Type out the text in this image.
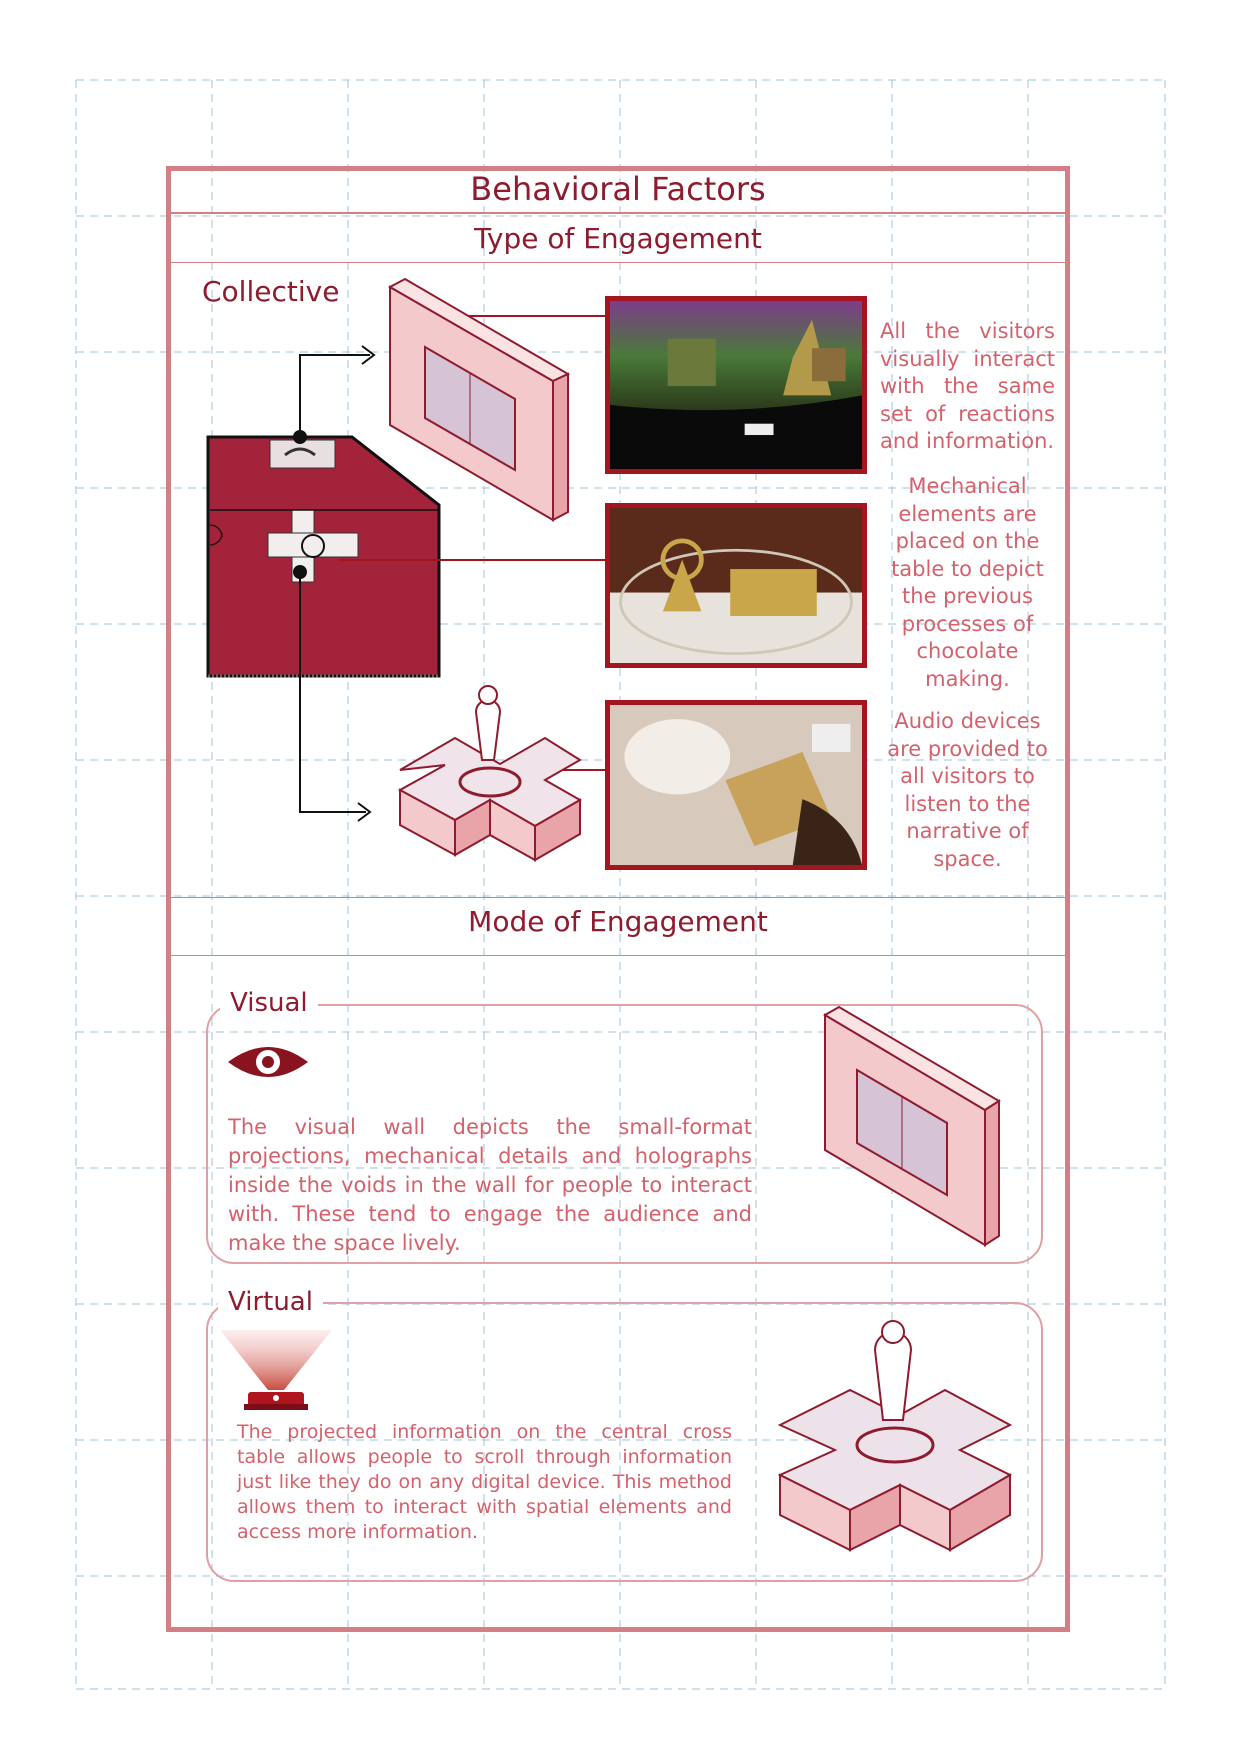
Behavioral Factors
Type of Engagement
Collective
All the visitors visually interact with the same set of reactions and information.
Mechanical elements are placed on the table to depict the previous processes of chocolate making.
Audio devices are provided to all visitors to listen to the narrative of space.
Mode of Engagement
Visual
The visual wall depicts the small-format projections, mechanical details and holographs inside the voids in the wall for people to interact with. These tend to engage the audience and make the space lively.
Virtual
The projected information on the central cross table allows people to scroll through information just like they do on any digital device. This method allows them to interact with spatial elements and access more information.
